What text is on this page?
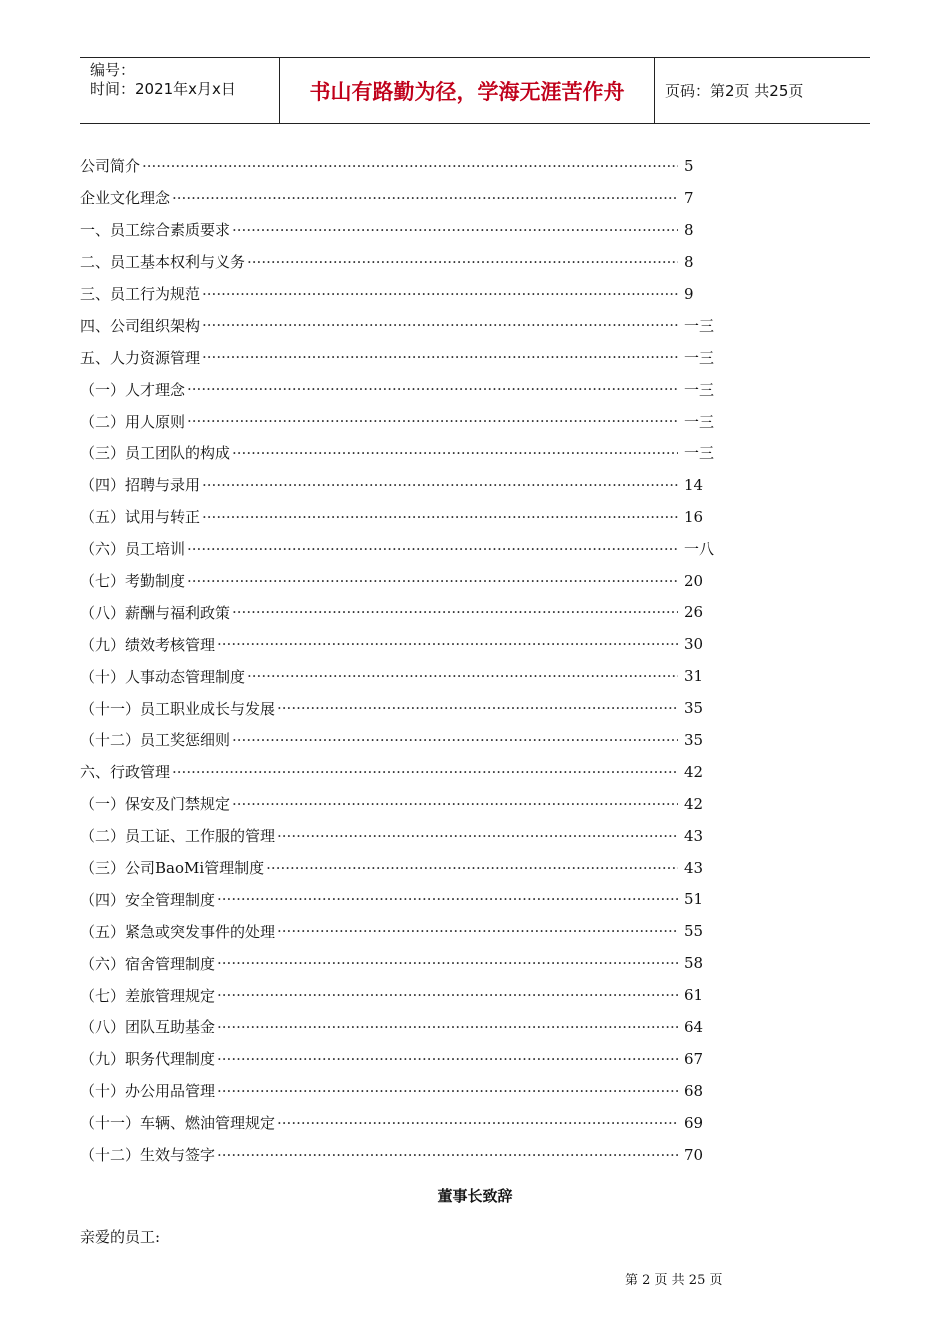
编号：
时间：2021年x月x日	书山有路勤为径，学海无涯苦作舟	页码：第2页 共25页
公司简介 ·····	5
企业文化理念 ·····	7
一、员工综合素质要求 ·····	8
二、员工基本权利与义务 ·····	8
三、员工行为规范 ·····	9
四、公司组织架构 ·····	一三
五、人力资源管理 ·····	一三
（一）人才理念 ·····	一三
（二）用人原则 ·····	一三
（三）员工团队的构成 ·····	一三
（四）招聘与录用 ·····	14
（五）试用与转正 ·····	16
（六）员工培训 ·····	一八
（七）考勤制度 ·····	20
（八）薪酬与福利政策 ·····	26
（九）绩效考核管理 ·····	30
（十）人事动态管理制度 ·····	31
（十一）员工职业成长与发展 ·····	35
（十二）员工奖惩细则 ·····	35
六、行政管理 ·····	42
（一）保安及门禁规定 ·····	42
（二）员工证、工作服的管理 ·····	43
（三）公司BaoMi管理制度 ·····	43
（四）安全管理制度 ·····	51
（五）紧急或突发事件的处理 ·····	55
（六）宿舍管理制度 ·····	58
（七）差旅管理规定 ·····	61
（八）团队互助基金 ·····	64
（九）职务代理制度 ·····	67
（十）办公用品管理 ·····	68
（十一）车辆、燃油管理规定 ·····	69
（十二）生效与签字 ·····	70
董事长致辞
亲爱的员工:
第 2 页 共 25 页
